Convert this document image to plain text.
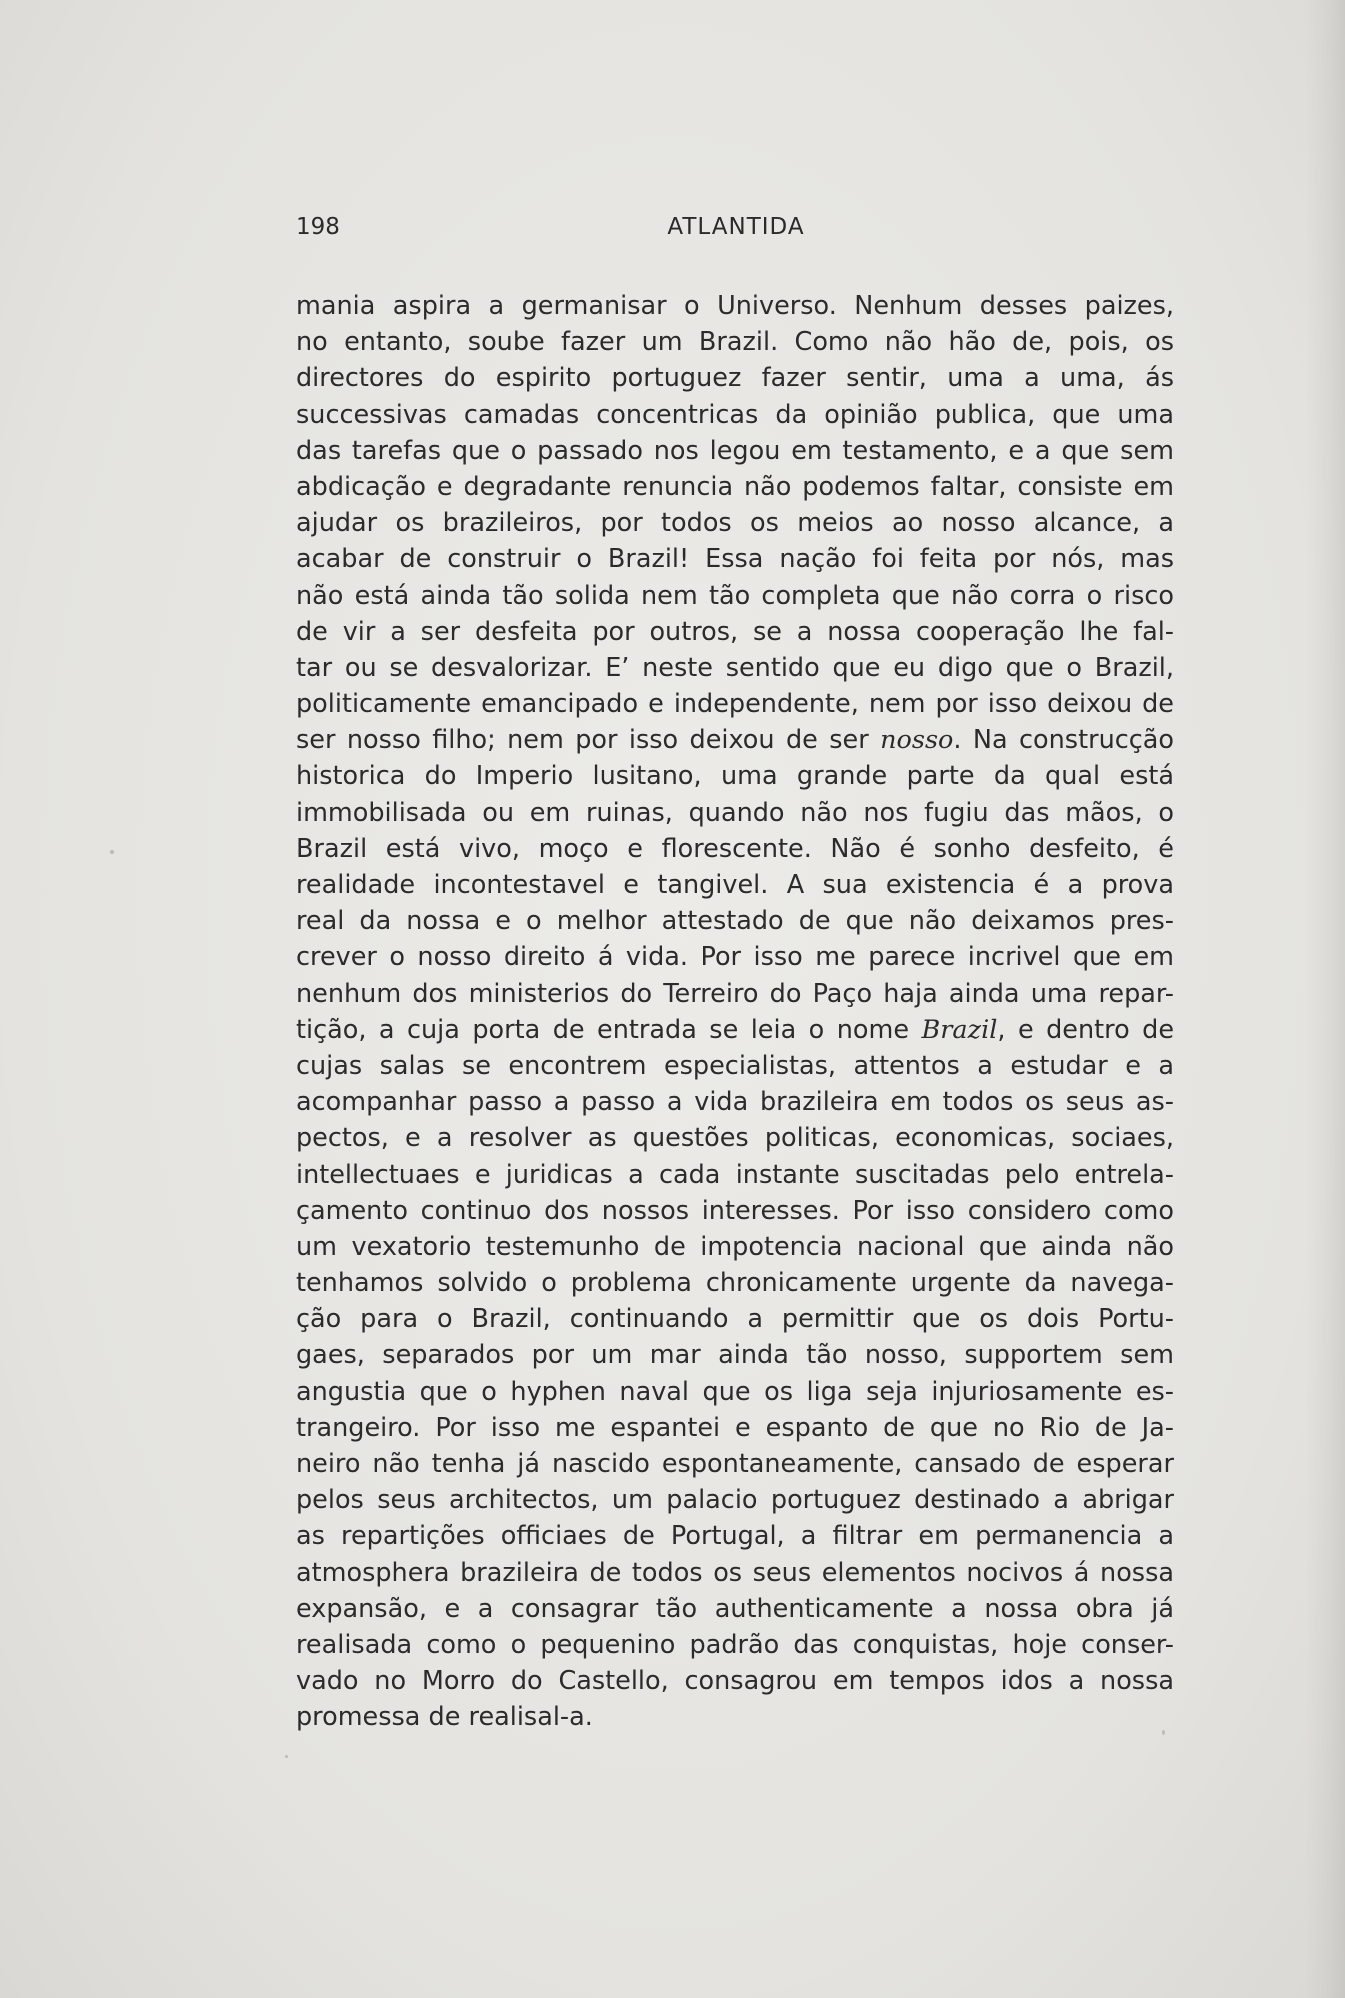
198	ATLANTIDA
mania aspira a germanisar o Universo. Nenhum desses paizes,
no entanto, soube fazer um Brazil. Como não hão de, pois, os
directores do espirito portuguez fazer sentir, uma a uma, ás
successivas camadas concentricas da opinião publica, que uma
das tarefas que o passado nos legou em testamento, e a que sem
abdicação e degradante renuncia não podemos faltar, consiste em
ajudar os brazileiros, por todos os meios ao nosso alcance, a
acabar de construir o Brazil! Essa nação foi feita por nós, mas
não está ainda tão solida nem tão completa que não corra o risco
de vir a ser desfeita por outros, se a nossa cooperação lhe fal-
tar ou se desvalorizar. E’ neste sentido que eu digo que o Brazil,
politicamente emancipado e independente, nem por isso deixou de
ser nosso filho; nem por isso deixou de ser nosso. Na construcção
historica do Imperio lusitano, uma grande parte da qual está
immobilisada ou em ruinas, quando não nos fugiu das mãos, o
Brazil está vivo, moço e florescente. Não é sonho desfeito, é
realidade incontestavel e tangivel. A sua existencia é a prova
real da nossa e o melhor attestado de que não deixamos pres-
crever o nosso direito á vida. Por isso me parece incrivel que em
nenhum dos ministerios do Terreiro do Paço haja ainda uma repar-
tição, a cuja porta de entrada se leia o nome Brazil, e dentro de
cujas salas se encontrem especialistas, attentos a estudar e a
acompanhar passo a passo a vida brazileira em todos os seus as-
pectos, e a resolver as questões politicas, economicas, sociaes,
intellectuaes e juridicas a cada instante suscitadas pelo entrela-
çamento continuo dos nossos interesses. Por isso considero como
um vexatorio testemunho de impotencia nacional que ainda não
tenhamos solvido o problema chronicamente urgente da navega-
ção para o Brazil, continuando a permittir que os dois Portu-
gaes, separados por um mar ainda tão nosso, supportem sem
angustia que o hyphen naval que os liga seja injuriosamente es-
trangeiro. Por isso me espantei e espanto de que no Rio de Ja-
neiro não tenha já nascido espontaneamente, cansado de esperar
pelos seus architectos, um palacio portuguez destinado a abrigar
as repartições officiaes de Portugal, a filtrar em permanencia a
atmosphera brazileira de todos os seus elementos nocivos á nossa
expansão, e a consagrar tão authenticamente a nossa obra já
realisada como o pequenino padrão das conquistas, hoje conser-
vado no Morro do Castello, consagrou em tempos idos a nossa
promessa de realisal-a.
